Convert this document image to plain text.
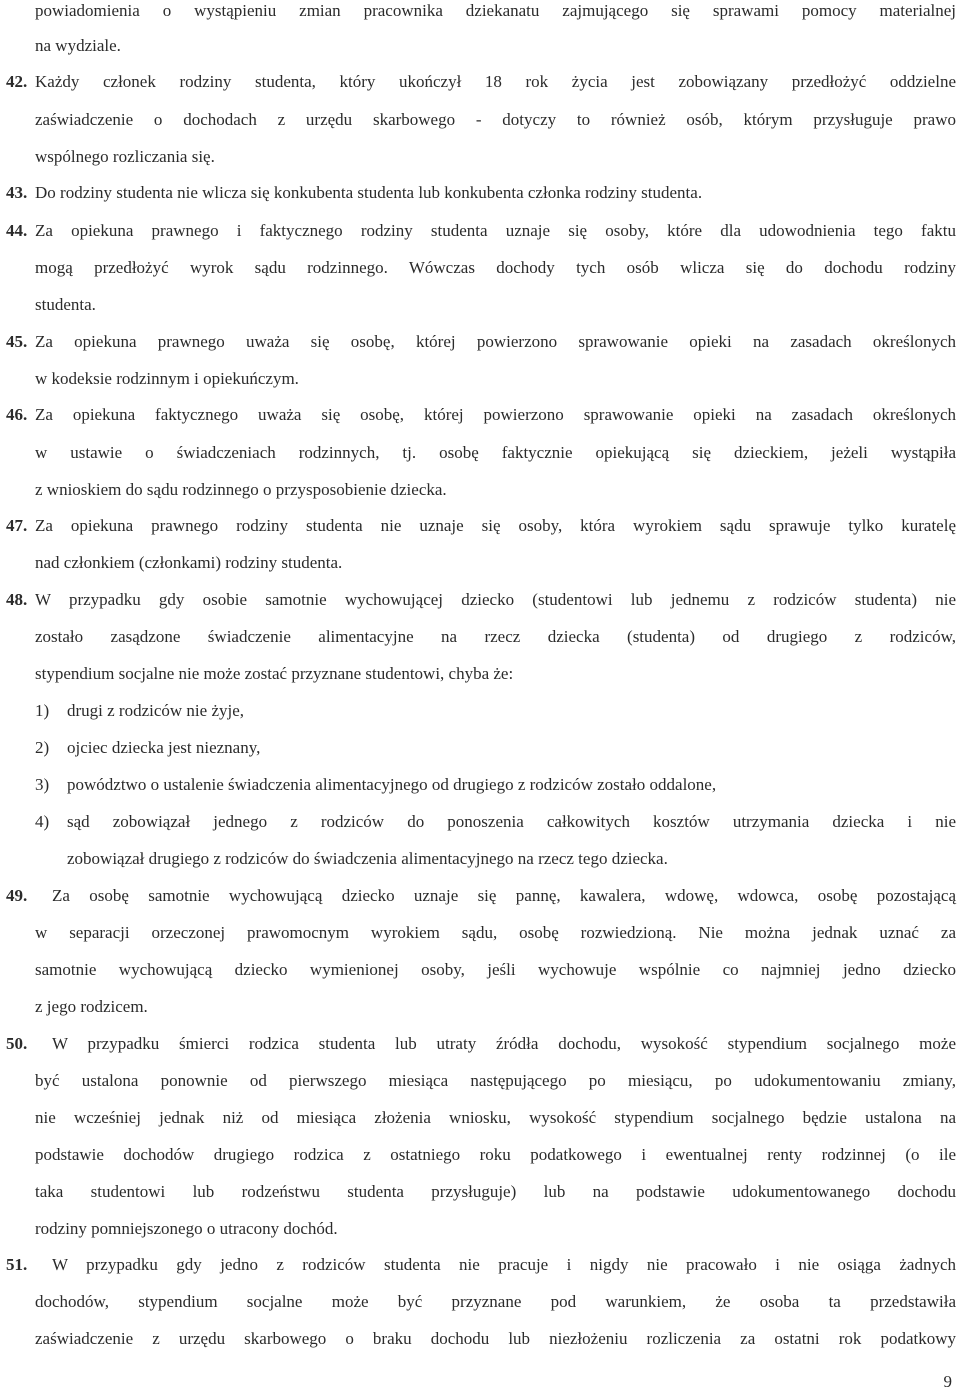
powiadomienia o wystąpieniu zmian pracownika dziekanatu zajmującego się sprawami pomocy materialnej
na wydziale.
42. Każdy członek rodziny studenta, który ukończył 18 rok życia jest zobowiązany przedłożyć oddzielne
zaświadczenie o dochodach z urzędu skarbowego - dotyczy to również osób, którym przysługuje prawo
wspólnego rozliczania się.
43. Do rodziny studenta nie wlicza się konkubenta studenta lub konkubenta członka rodziny studenta.
44. Za opiekuna prawnego i faktycznego rodziny studenta uznaje się osoby, które dla udowodnienia tego faktu
mogą przedłożyć wyrok sądu rodzinnego. Wówczas dochody tych osób wlicza się do dochodu rodziny
studenta.
45. Za opiekuna prawnego uważa się osobę, której powierzono sprawowanie opieki na zasadach określonych
w kodeksie rodzinnym i opiekuńczym.
46. Za opiekuna faktycznego uważa się osobę, której powierzono sprawowanie opieki na zasadach określonych
w ustawie o świadczeniach rodzinnych, tj. osobę faktycznie opiekującą się dzieckiem, jeżeli wystąpiła
z wnioskiem do sądu rodzinnego o przysposobienie dziecka.
47. Za opiekuna prawnego rodziny studenta nie uznaje się osoby, która wyrokiem sądu sprawuje tylko kuratelę
nad członkiem (członkami) rodziny studenta.
48. W przypadku gdy osobie samotnie wychowującej dziecko (studentowi lub jednemu z rodziców studenta) nie
zostało zasądzone świadczenie alimentacyjne na rzecz dziecka (studenta) od drugiego z rodziców,
stypendium socjalne nie może zostać przyznane studentowi, chyba że:
1) drugi z rodziców nie żyje,
2) ojciec dziecka jest nieznany,
3) powództwo o ustalenie świadczenia alimentacyjnego od drugiego z rodziców zostało oddalone,
4) sąd zobowiązał jednego z rodziców do ponoszenia całkowitych kosztów utrzymania dziecka i nie
zobowiązał drugiego z rodziców do świadczenia alimentacyjnego na rzecz tego dziecka.
49. Za osobę samotnie wychowującą dziecko uznaje się pannę, kawalera, wdowę, wdowca, osobę pozostającą
w separacji orzeczonej prawomocnym wyrokiem sądu, osobę rozwiedzioną. Nie można jednak uznać za
samotnie wychowującą dziecko wymienionej osoby, jeśli wychowuje wspólnie co najmniej jedno dziecko
z jego rodzicem.
50. W przypadku śmierci rodzica studenta lub utraty źródła dochodu, wysokość stypendium socjalnego może
być ustalona ponownie od pierwszego miesiąca następującego po miesiącu, po udokumentowaniu zmiany,
nie wcześniej jednak niż od miesiąca złożenia wniosku, wysokość stypendium socjalnego będzie ustalona na
podstawie dochodów drugiego rodzica z ostatniego roku podatkowego i ewentualnej renty rodzinnej (o ile
taka studentowi lub rodzeństwu studenta przysługuje) lub na podstawie udokumentowanego dochodu
rodziny pomniejszonego o utracony dochód.
51. W przypadku gdy jedno z rodziców studenta nie pracuje i nigdy nie pracowało i nie osiąga żadnych
dochodów, stypendium socjalne może być przyznane pod warunkiem, że osoba ta przedstawiła
zaświadczenie z urzędu skarbowego o braku dochodu lub niezłożeniu rozliczenia za ostatni rok podatkowy
9
